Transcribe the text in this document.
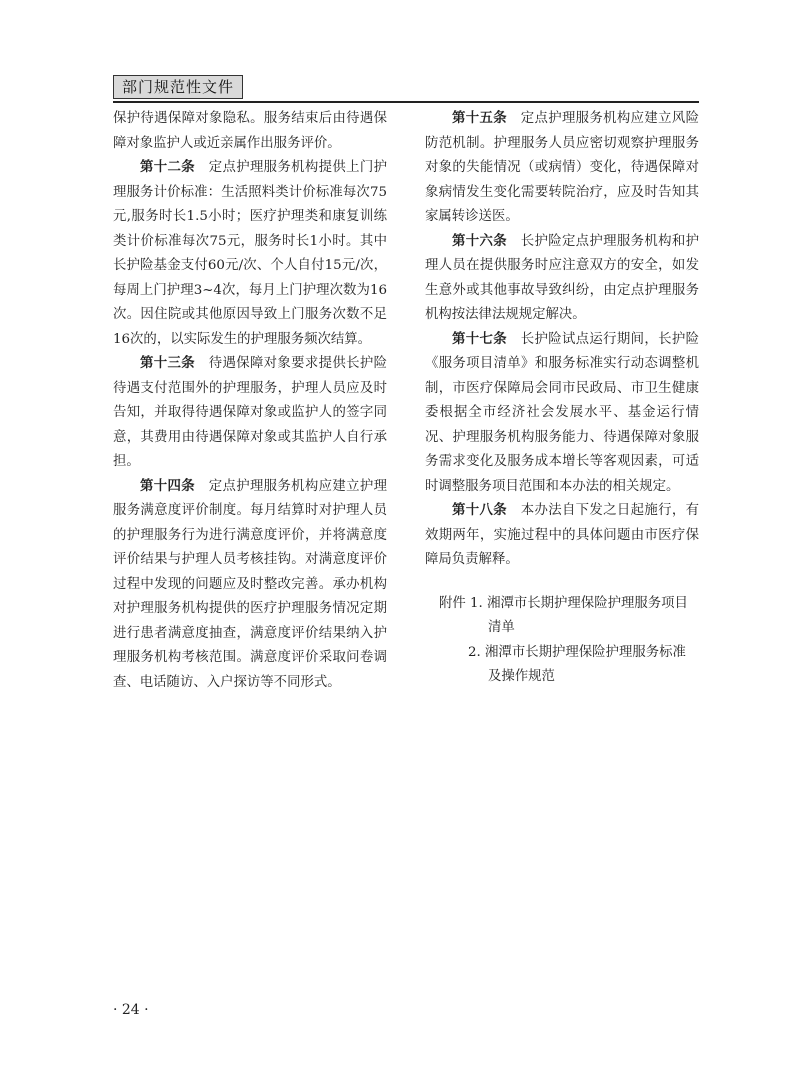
部门规范性文件

保护待遇保障对象隐私。服务结束后由待遇保障对象监护人或近亲属作出服务评价。

第十二条　 定点护理服务机构提供上门护理服务计价标准：生活照料类计价标准每次75元,服务时长1.5小时；医疗护理类和康复训练类计价标准每次75元，服务时长1小时。其中长护险基金支付60元/次、个人自付15元/次，每周上门护理3~4次，每月上门护理次数为16次。因住院或其他原因导致上门服务次数不足16次的，以实际发生的护理服务频次结算。

第十三条　 待遇保障对象要求提供长护险待遇支付范围外的护理服务，护理人员应及时告知，并取得待遇保障对象或监护人的签字同意，其费用由待遇保障对象或其监护人自行承担。

第十四条　 定点护理服务机构应建立护理服务满意度评价制度。每月结算时对护理人员的护理服务行为进行满意度评价，并将满意度评价结果与护理人员考核挂钩。对满意度评价过程中发现的问题应及时整改完善。承办机构对护理服务机构提供的医疗护理服务情况定期进行患者满意度抽查，满意度评价结果纳入护理服务机构考核范围。满意度评价采取问卷调查、电话随访、入户探访等不同形式。

第十五条　 定点护理服务机构应建立风险防范机制。护理服务人员应密切观察护理服务对象的失能情况（或病情）变化，待遇保障对象病情发生变化需要转院治疗，应及时告知其家属转诊送医。

第十六条　 长护险定点护理服务机构和护理人员在提供服务时应注意双方的安全，如发生意外或其他事故导致纠纷，由定点护理服务机构按法律法规规定解决。

第十七条　 长护险试点运行期间，长护险《服务项目清单》和服务标准实行动态调整机制，市医疗保障局会同市民政局、市卫生健康委根据全市经济社会发展水平、基金运行情况、护理服务机构服务能力、待遇保障对象服务需求变化及服务成本增长等客观因素，可适时调整服务项目范围和本办法的相关规定。

第十八条　 本办法自下发之日起施行，有效期两年，实施过程中的具体问题由市医疗保障局负责解释。

附件 1. 湘潭市长期护理保险护理服务项目
清单
2. 湘潭市长期护理保险护理服务标准
及操作规范
· 24 ·
